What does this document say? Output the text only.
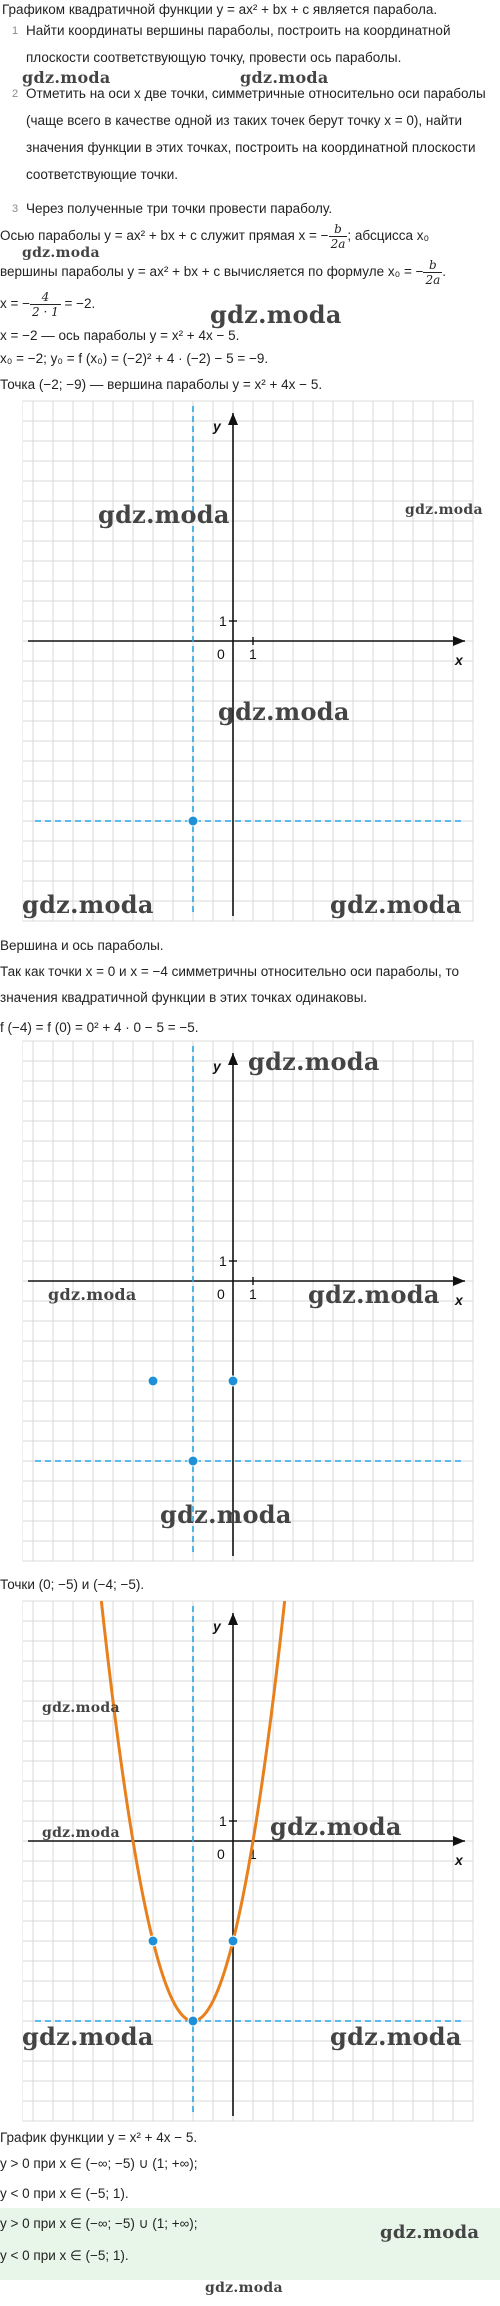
Графиком квадратичной функции y = ax² + bx + c является парабола.
1 Найти координаты вершины параболы, построить на координатной
плоскости соответствующую точку, провести ось параболы.
2 Отметить на оси x две точки, симметричные относительно оси параболы
(чаще всего в качестве одной из таких точек берут точку x = 0), найти
значения функции в этих точках, построить на координатной плоскости
соответствующие точки.
3 Через полученные три точки провести параболу.
gdz.moda	gdz.moda
Осью параболы y = ax² + bx + c служит прямая x = − $\frac{b}{2a}$ ; абсцисса x₀
gdz.moda
вершины параболы y = ax² + bx + c вычисляется по формуле x₀ = − $\frac{b}{2a}$ .
x = − $\frac{4}{2 \cdot 1} = -2$.
x = −2 — ось параболы y = x² + 4x − 5.
gdz.moda
x₀ = −2; y₀ = f (x₀) = (−2)² + 4 · (−2) − 5 = −9.
Точка (−2; −9) — вершина параболы y = x² + 4x − 5.
x
y
0 1
1
gdz.moda	gdz.moda
gdz.moda
gdz.moda	gdz.moda
Вершина и ось параболы.
Так как точки x = 0 и x = −4 симметричны относительно оси параболы, то
значения квадратичной функции в этих точках одинаковы.
f (−4) = f (0) = 0² + 4 · 0 − 5 = −5.
x
y
0 1
1
gdz.moda
gdz.moda	gdz.moda
gdz.moda
Точки (0; −5) и (−4; −5).
x
y
0 1
1
gdz.moda
gdz.moda	gdz.moda
gdz.moda	gdz.moda
График функции y = x² + 4x − 5.
y > 0 при x ∈ (−∞; −5) ∪ (1; +∞);
y < 0 при x ∈ (−5; 1).
y > 0 при x ∈ (−∞; −5) ∪ (1; +∞);
y < 0 при x ∈ (−5; 1).
gdz.moda
gdz.moda
